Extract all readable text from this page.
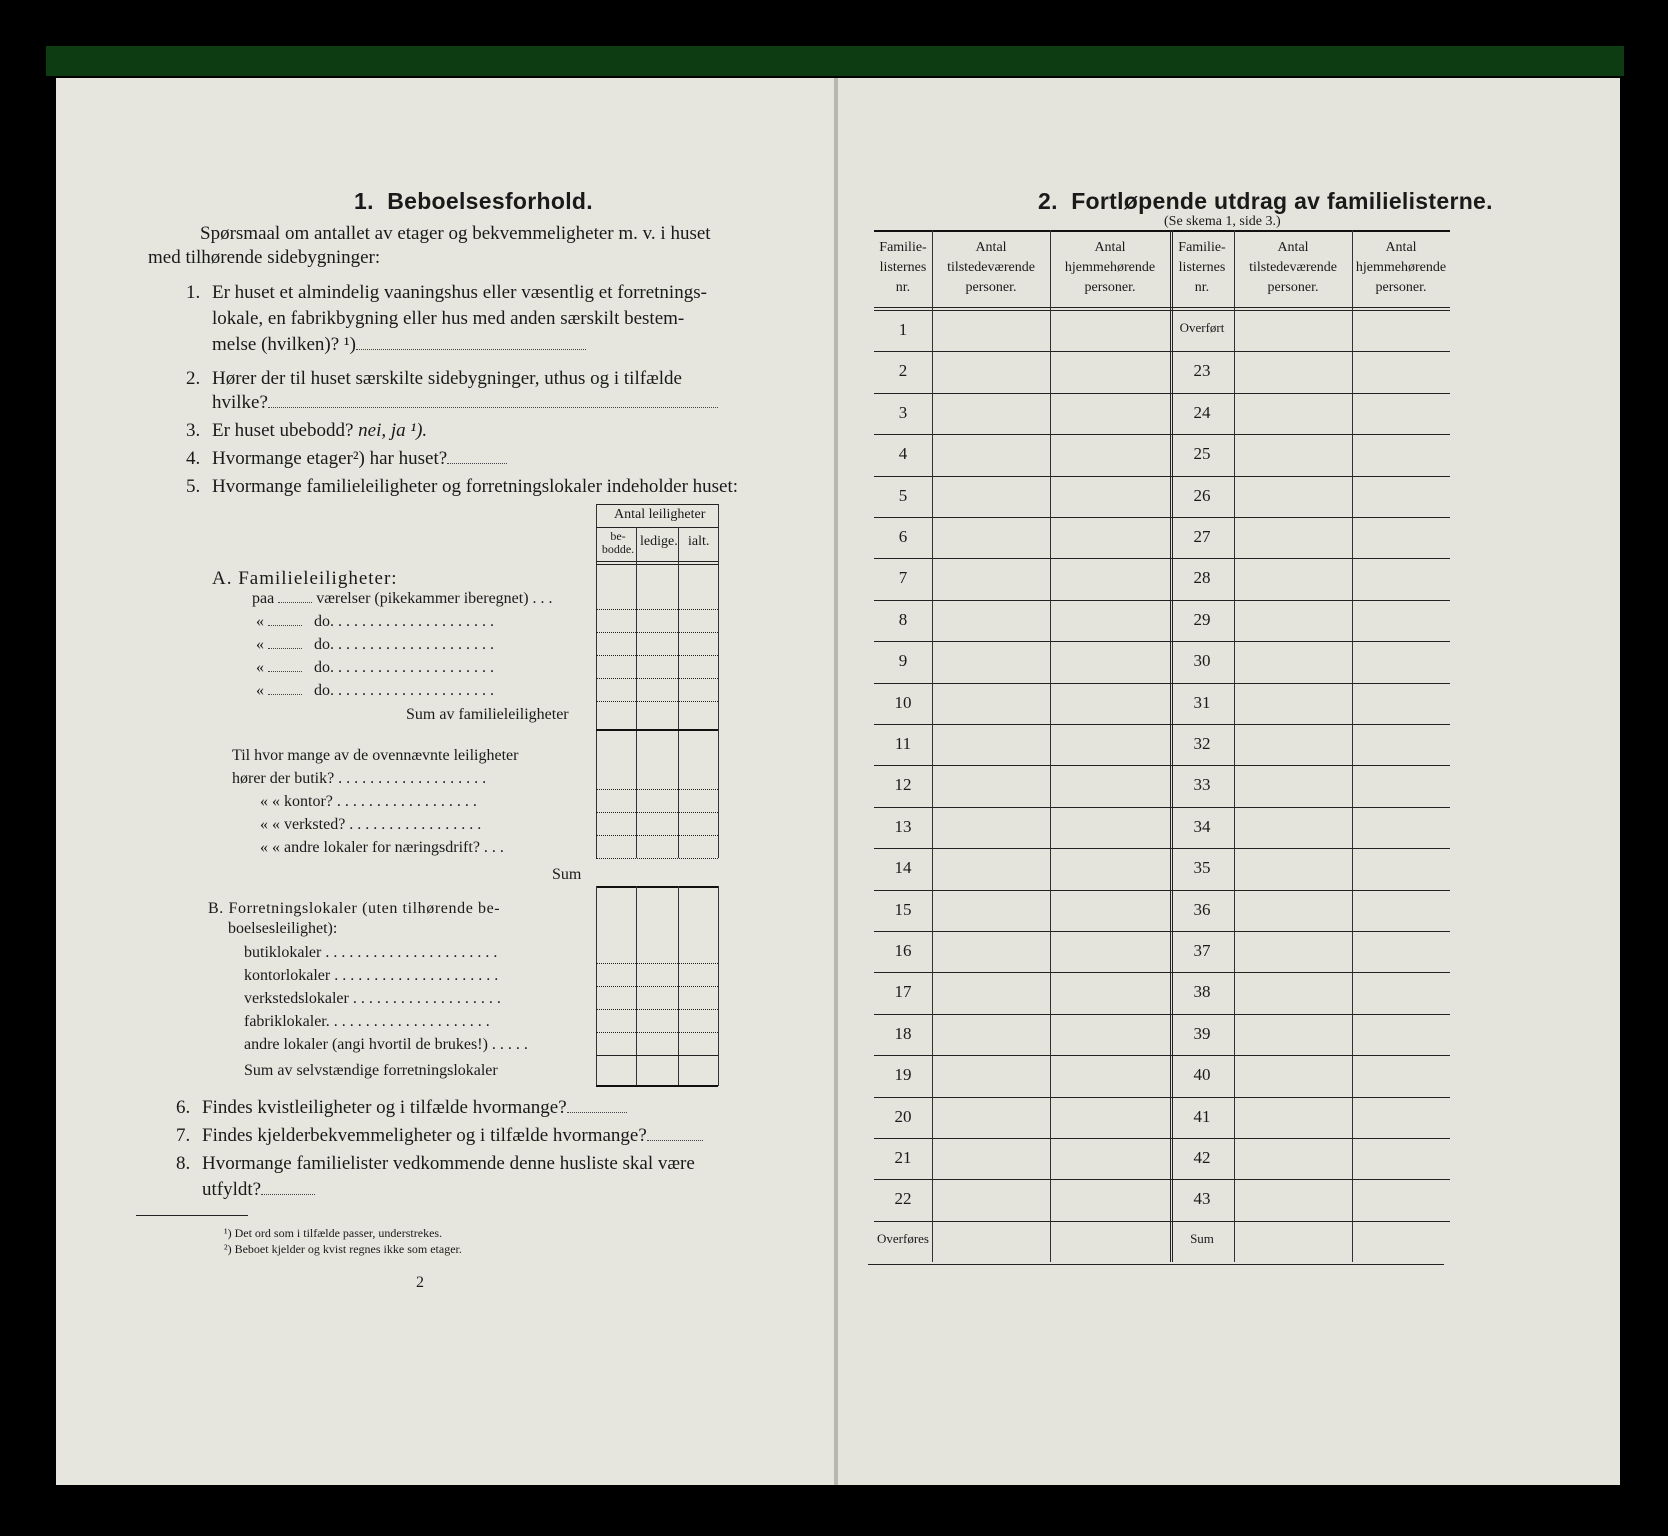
1. Beboelsesforhold.
Spørsmaal om antallet av etager og bekvemmeligheter m. v. i huset
med tilhørende sidebygninger:
1. Er huset et almindelig vaaningshus eller væsentlig et forretnings-
lokale, en fabrikbygning eller hus med anden særskilt bestem-
melse (hvilken)? ¹)
2. Hører der til huset særskilte sidebygninger, uthus og i tilfælde
hvilke?
3. Er huset ubebodd? nei, ja ¹).
4. Hvormange etager²) har huset?
5. Hvormange familieleiligheter og forretningslokaler indeholder huset:
Antal leiligheter
be-
bodde. ledige. ialt.
A. Familieleiligheter:
paa	værelser (pikekammer iberegnet) . . .
«	do. . . . . . . . . . . . . . . . . . . . .
«	do. . . . . . . . . . . . . . . . . . . . .
«	do. . . . . . . . . . . . . . . . . . . . .
«	do. . . . . . . . . . . . . . . . . . . . .
Sum av familieleiligheter
Til hvor mange av de ovennævnte leiligheter
hører der butik? . . . . . . . . . . . . . . . . . . .
« « kontor? . . . . . . . . . . . . . . . . . .
« « verksted? . . . . . . . . . . . . . . . . .
« « andre lokaler for næringsdrift? . . .
Sum
B. Forretningslokaler (uten tilhørende be-
boelsesleilighet):
butiklokaler . . . . . . . . . . . . . . . . . . . . . .
kontorlokaler . . . . . . . . . . . . . . . . . . . . .
verkstedslokaler . . . . . . . . . . . . . . . . . . .
fabriklokaler. . . . . . . . . . . . . . . . . . . . .
andre lokaler (angi hvortil de brukes!) . . . . .
Sum av selvstændige forretningslokaler
6. Findes kvistleiligheter og i tilfælde hvormange?
7. Findes kjelderbekvemmeligheter og i tilfælde hvormange?
8. Hvormange familielister vedkommende denne husliste skal være
utfyldt?
¹) Det ord som i tilfælde passer, understrekes.
²) Beboet kjelder og kvist regnes ikke som etager.
2
2. Fortløpende utdrag av familielisterne.
(Se skema 1, side 3.)
Familie-
listernes
nr.
Antal
tilstedeværende
personer.
Antal
hjemmehørende
personer.
Familie-
listernes
nr.
Antal
tilstedeværende
personer.
Antal
hjemmehørende
personer.
1	Overført
2	23
3	24
4	25
5	26
6	27
7	28
8	29
9	30
10	31
11	32
12	33
13	34
14	35
15	36
16	37
17	38
18	39
19	40
20	41
21	42
22	43
Overføres	Sum
